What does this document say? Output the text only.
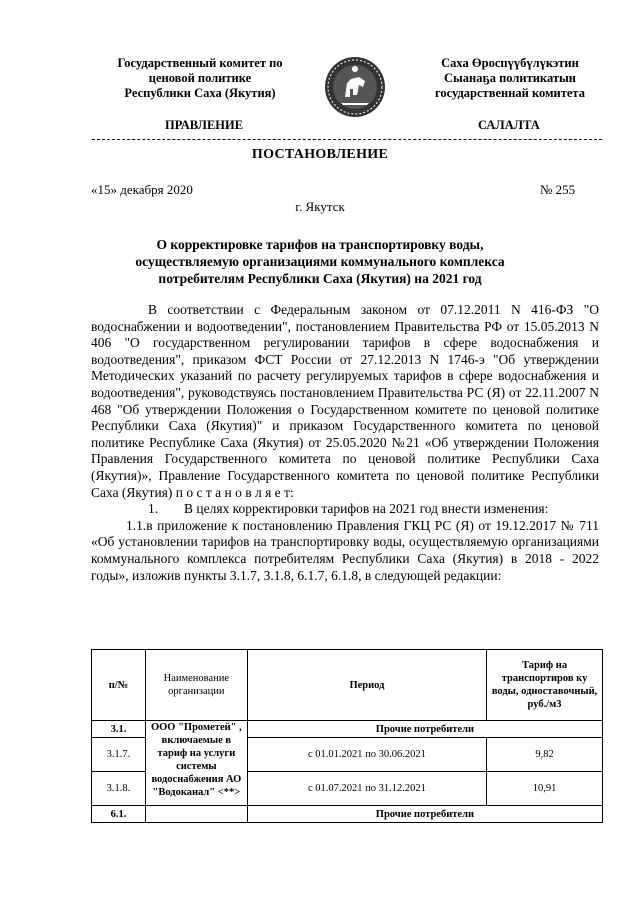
Государственный комитет по
ценовой политике
Республики Саха (Якутия)
Саха Өроспүүбүлүкэтин
Сыанаҕа политикатын
государственнай комитета
ПРАВЛЕНИЕ	САЛАЛТА
ПОСТАНОВЛЕНИЕ
«15» декабря 2020	№ 255
г. Якутск
О корректировке тарифов на транспортировку воды,
осуществляемую организациями коммунального комплекса
потребителям Республики Саха (Якутия) на 2021 год

В соответствии с Федеральным законом от 07.12.2011 N 416-ФЗ "О водоснабжении и водоотведении", постановлением Правительства РФ от 15.05.2013 N 406 "О государственном регулировании тарифов в сфере водоснабжения и водоотведения", приказом ФСТ России от 27.12.2013 N 1746-э "Об утверждении Методических указаний по расчету регулируемых тарифов в сфере водоснабжения и водоотведения", руководствуясь постановлением Правительства РС (Я) от 22.11.2007 N 468 "Об утверждении Положения о Государственном комитете по ценовой политике Республики Саха (Якутия)" и приказом Государственного комитета по ценовой политике Республике Саха (Якутия) от 25.05.2020 №21 «Об утверждении Положения Правления Государственного комитета по ценовой политике Республики Саха (Якутия)», Правление Государственного комитета по ценовой политике Республики Саха (Якутия) п о с т а н о в л я е т:

1. В целях корректировки тарифов на 2021 год внести изменения:

1.1.в приложение к постановлению Правления ГКЦ РС (Я) от 19.12.2017 № 711 «Об установлении тарифов на транспортировку воды, осуществляемую организациями коммунального комплекса потребителям Республики Саха (Якутия) в 2018 - 2022 годы», изложив пункты 3.1.7, 3.1.8, 6.1.7, 6.1.8, в следующей редакции:

п/№	Наименование организации	Период	Тариф на транспортиров ку воды, одноставочный, руб./м3
3.1.	ООО "Прометей" , включаемые в тариф на услуги системы водоснабжения АО "Водоканал" <**>	Прочие потребители	
3.1.7.		с 01.01.2021 по 30.06.2021	9,82
3.1.8.		с 01.07.2021 по 31.12.2021	10,91
6.1.		Прочие потребители	
